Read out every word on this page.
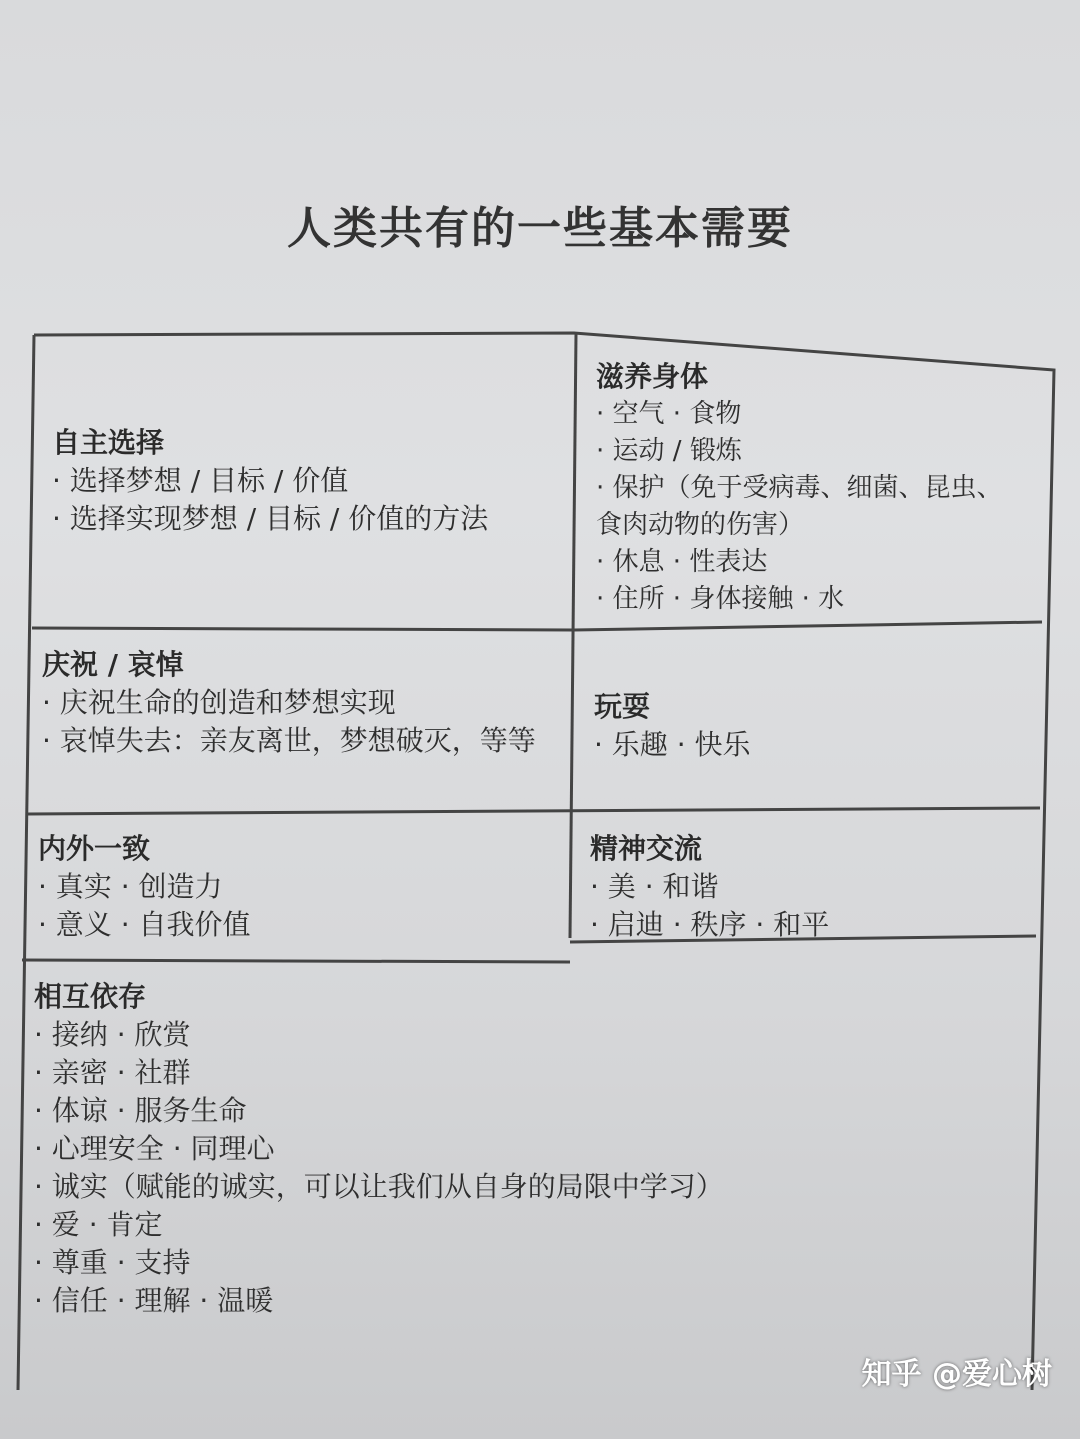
人类共有的一些基本需要
自主选择
· 选择梦想 / 目标 / 价值
· 选择实现梦想 / 目标 / 价值的方法
滋养身体
· 空气 · 食物
· 运动 / 锻炼
· 保护（免于受病毒、细菌、昆虫、
食肉动物的伤害）
· 休息 · 性表达
· 住所 · 身体接触 · 水
庆祝 / 哀悼
· 庆祝生命的创造和梦想实现
· 哀悼失去：亲友离世，梦想破灭，等等
玩耍
· 乐趣 · 快乐
内外一致
· 真实 · 创造力
· 意义 · 自我价值
精神交流
· 美 · 和谐
· 启迪 · 秩序 · 和平
相互依存
· 接纳 · 欣赏
· 亲密 · 社群
· 体谅 · 服务生命
· 心理安全 · 同理心
· 诚实（赋能的诚实，可以让我们从自身的局限中学习）
· 爱 · 肯定
· 尊重 · 支持
· 信任 · 理解 · 温暖
知乎 @爱心树
